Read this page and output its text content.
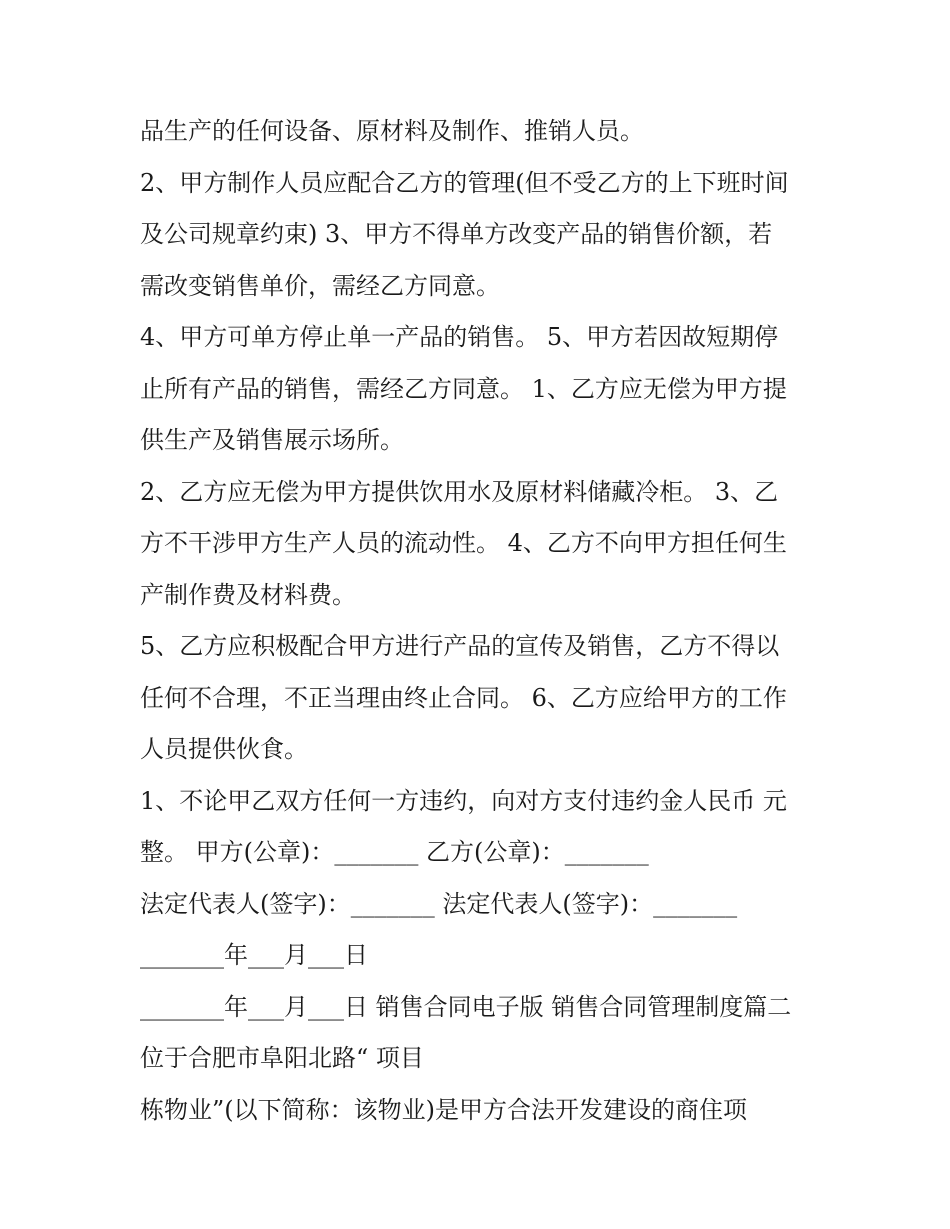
品生产的任何设备、原材料及制作、推销人员。
2、甲方制作人员应配合乙方的管理(但不受乙方的上下班时间
及公司规章约束) 3、甲方不得单方改变产品的销售价额，若
需改变销售单价，需经乙方同意。
4、甲方可单方停止单一产品的销售。 5、甲方若因故短期停
止所有产品的销售，需经乙方同意。 1、乙方应无偿为甲方提
供生产及销售展示场所。
2、乙方应无偿为甲方提供饮用水及原材料储藏冷柜。 3、乙
方不干涉甲方生产人员的流动性。 4、乙方不向甲方担任何生
产制作费及材料费。
5、乙方应积极配合甲方进行产品的宣传及销售，乙方不得以
任何不合理，不正当理由终止合同。 6、乙方应给甲方的工作
人员提供伙食。
1、不论甲乙双方任何一方违约，向对方支付违约金人民币 元
整。 甲方(公章)：_______ 乙方(公章)：_______
法定代表人(签字)：_______ 法定代表人(签字)：_______
_______年___月___日
_______年___月___日 销售合同电子版 销售合同管理制度篇二
位于合肥市阜阳北路“ 项目
栋物业”(以下简称：该物业)是甲方合法开发建设的商住项
